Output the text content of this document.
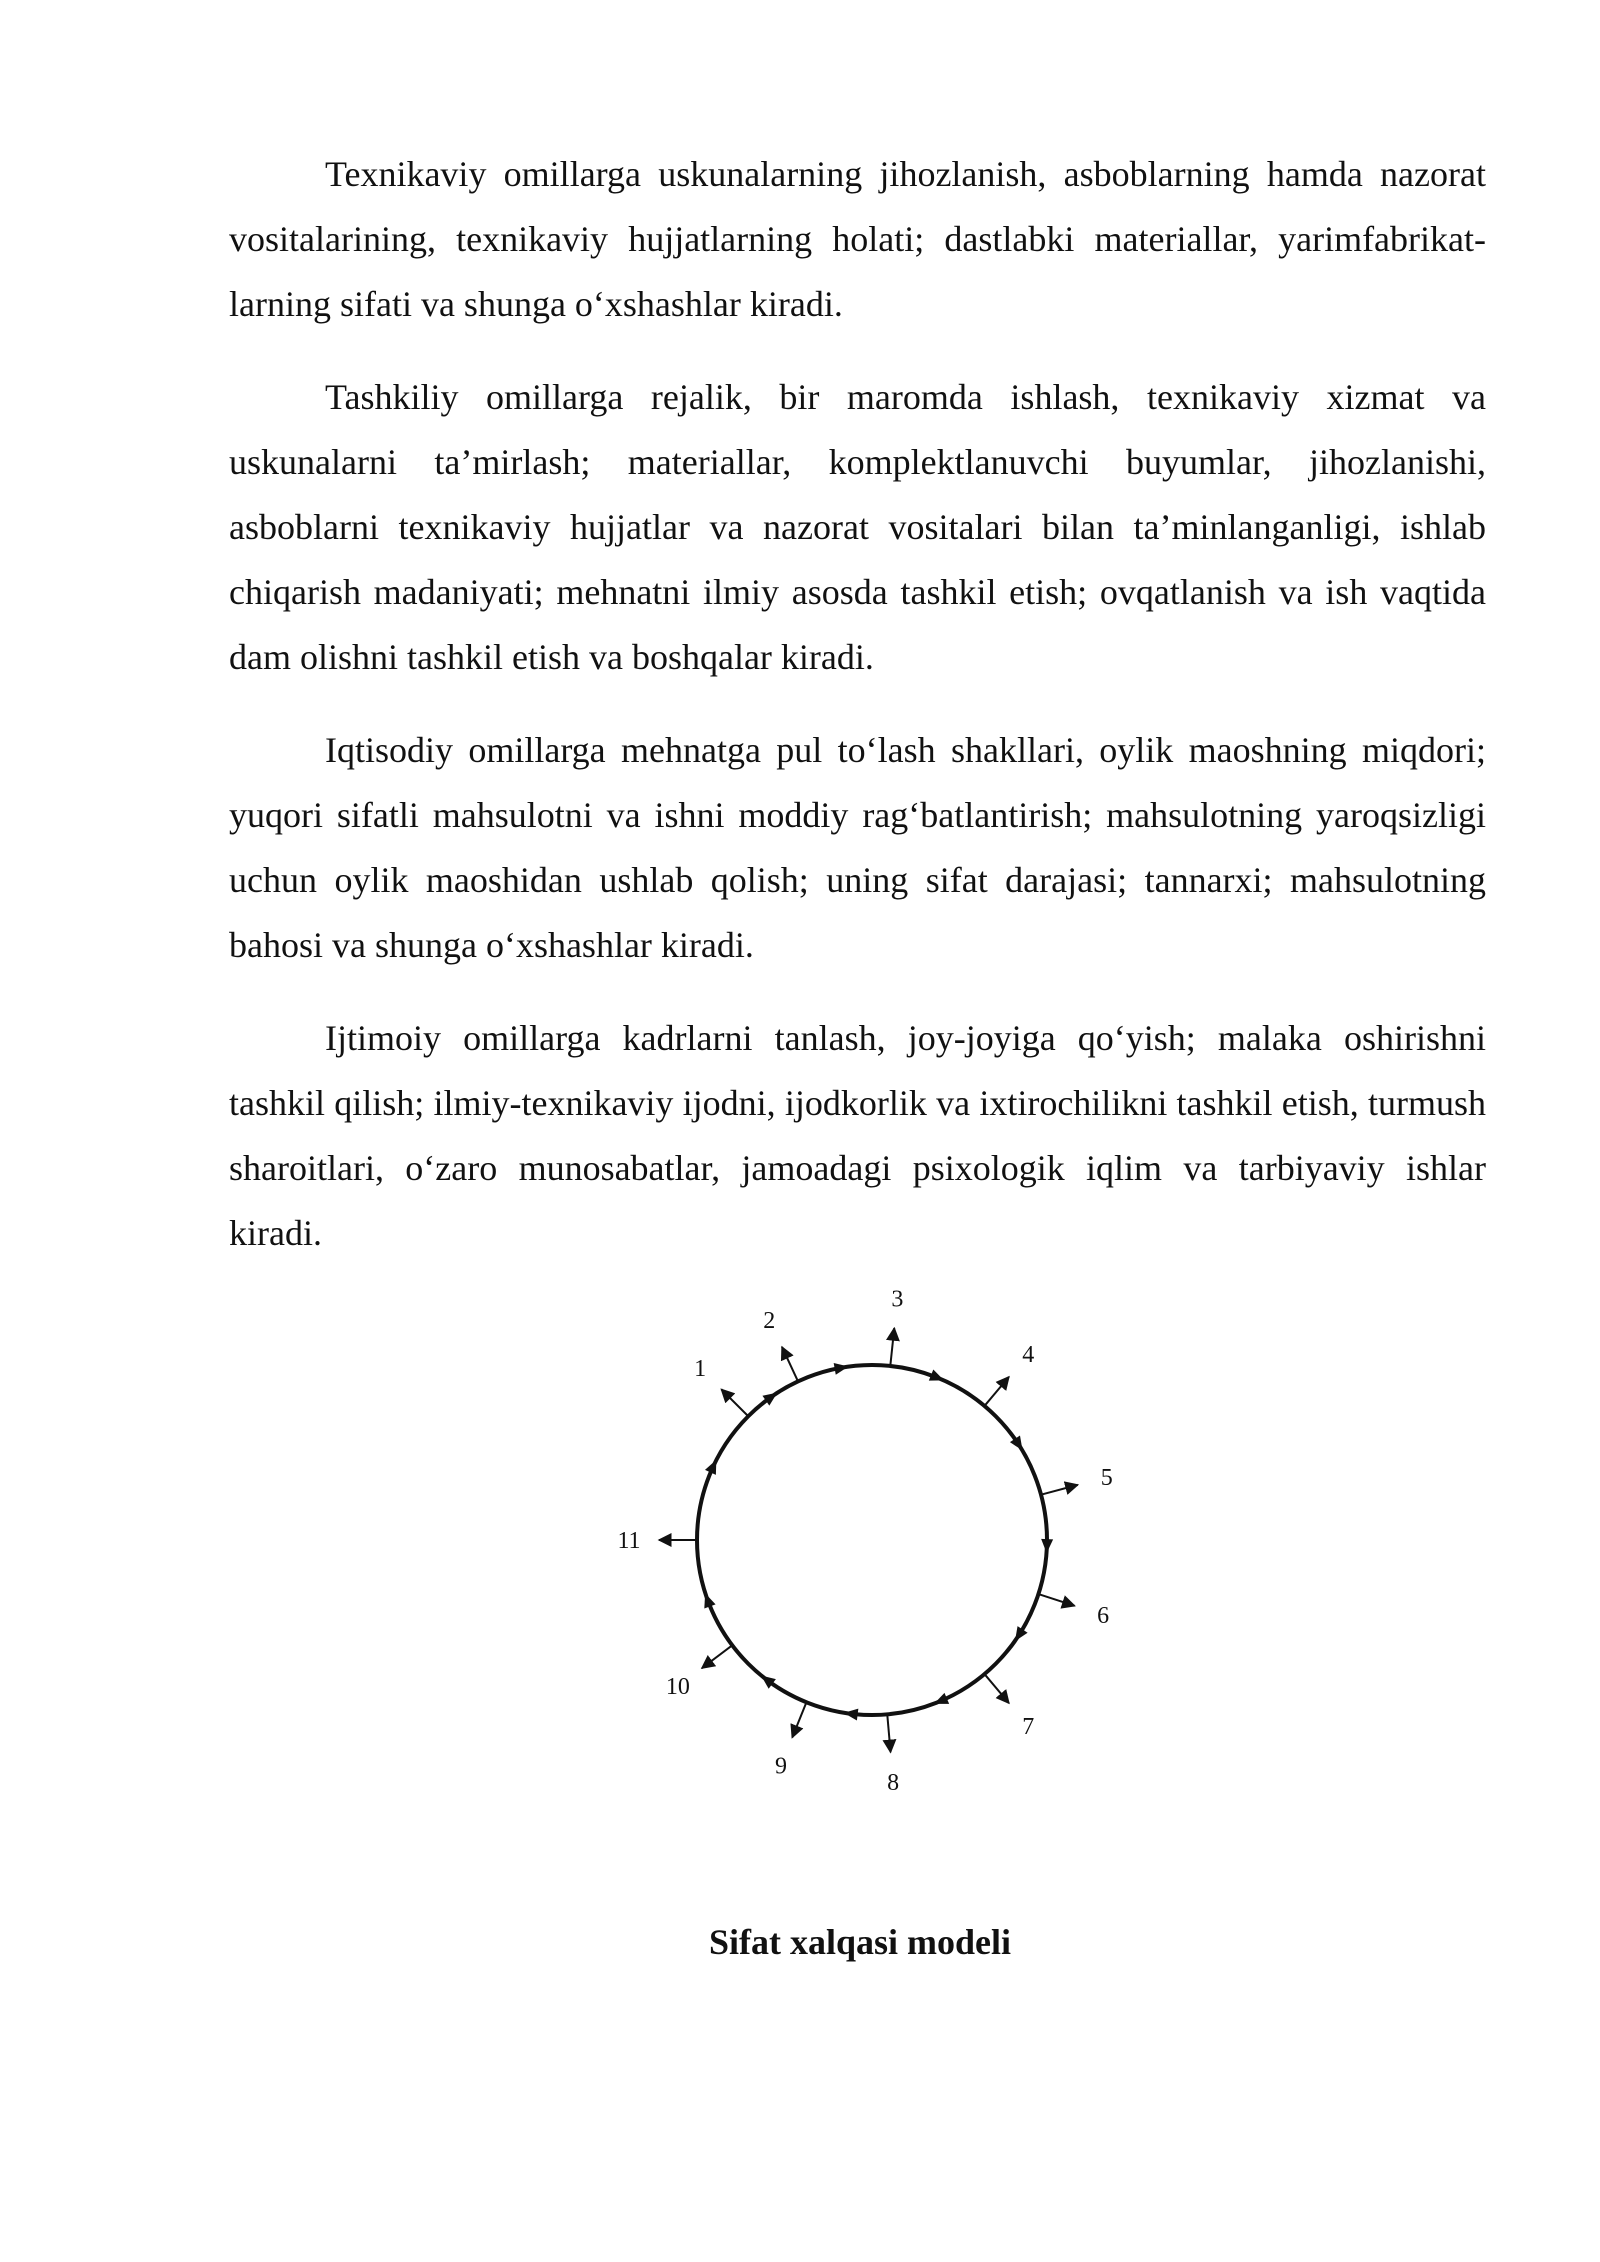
Texnikaviy omillarga uskunalarning jihozlanish, asboblarning hamda nazorat vositalarining, texnikaviy hujjatlarning holati; dastlabki materiallar, yarimfabrikat-larning sifati va shunga o‘xshashlar kiradi.

Tashkiliy omillarga rejalik, bir maromda ishlash, texnikaviy xizmat va uskunalarni ta’mirlash; materiallar, komplektlanuvchi buyumlar, jihozlanishi, asboblarni texnikaviy hujjatlar va nazorat vositalari bilan ta’minlanganligi, ishlab chiqarish madaniyati; mehnatni ilmiy asosda tashkil etish; ovqatlanish va ish vaqtida dam olishni tashkil etish va boshqalar kiradi.

Iqtisodiy omillarga mehnatga pul to‘lash shakllari, oylik maoshning miqdori; yuqori sifatli mahsulotni va ishni moddiy rag‘batlantirish; mahsulotning yaroqsizligi uchun oylik maoshidan ushlab qolish; uning sifat darajasi; tannarxi; mahsulotning bahosi va shunga o‘xshashlar kiradi.

Ijtimoiy omillarga kadrlarni tanlash, joy-joyiga qo‘yish; malaka oshirishni tashkil qilish; ilmiy-texnikaviy ijodni, ijodkorlik va ixtirochilikni tashkil etish, turmush sharoitlari, o‘zaro munosabatlar, jamoadagi psixologik iqlim va tarbiyaviy ishlar kiradi.

1
2
3
4
5
6
7
8
9
10
11
Sifat xalqasi modeli
